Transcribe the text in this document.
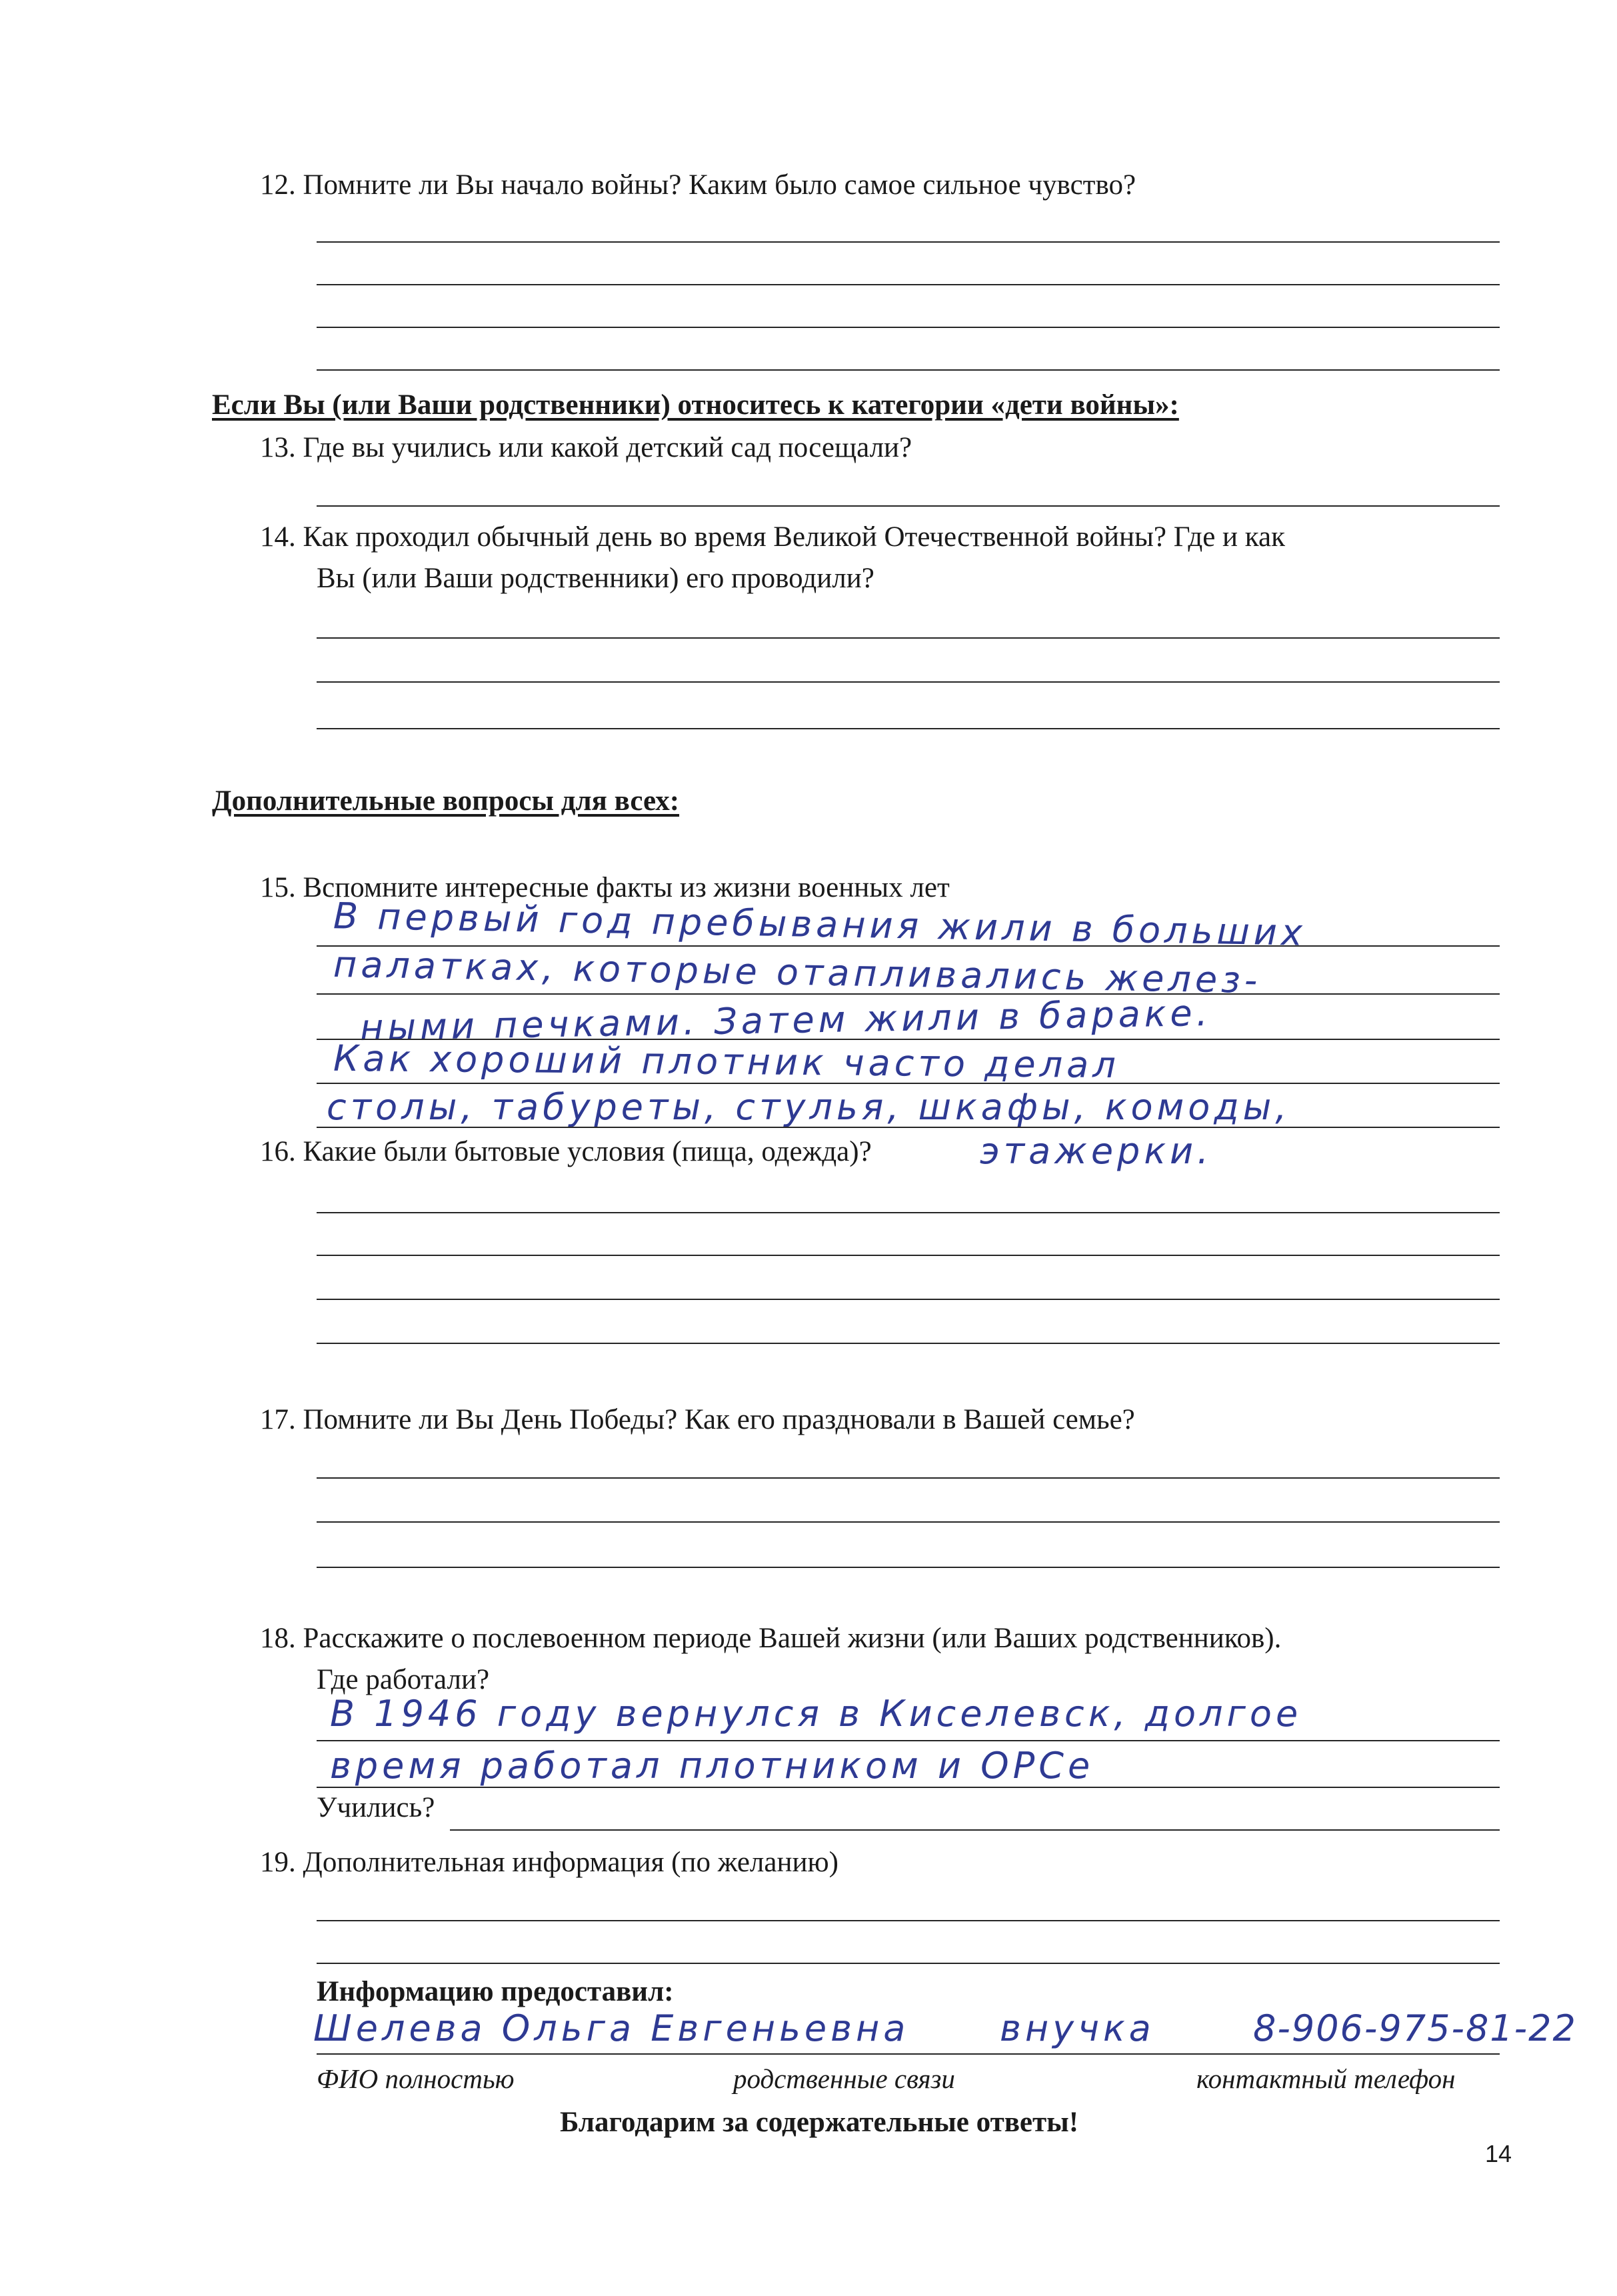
12. Помните ли Вы начало войны? Каким было самое сильное чувство?
Если Вы (или Ваши родственники) относитесь к категории «дети войны»:
13. Где вы учились или какой детский сад посещали?
14. Как проходил обычный день во время Великой Отечественной войны? Где и как
Вы (или Ваши родственники) его проводили?
Дополнительные вопросы для всех:
15. Вспомните интересные факты из жизни военных лет
В первый год пребывания жили в больших
палатках, которые отапливались желез-
ными печками. Затем жили в бараке.
Как хороший плотник часто делал
столы, табуреты, стулья, шкафы, комоды,
16. Какие были бытовые условия (пища, одежда)?	этажерки.
17. Помните ли Вы День Победы? Как его праздновали в Вашей семье?
18. Расскажите о послевоенном периоде Вашей жизни (или Ваших родственников).
Где работали?
В 1946 году вернулся в Киселевск, долгое
время работал плотником и ОРСе
Учились?
19. Дополнительная информация (по желанию)
Информацию предоставил:
Шелева Ольга Евгеньевна	внучка	8-906-975-81-22
ФИО полностью	родственные связи	контактный телефон
Благодарим за содержательные ответы!
14
